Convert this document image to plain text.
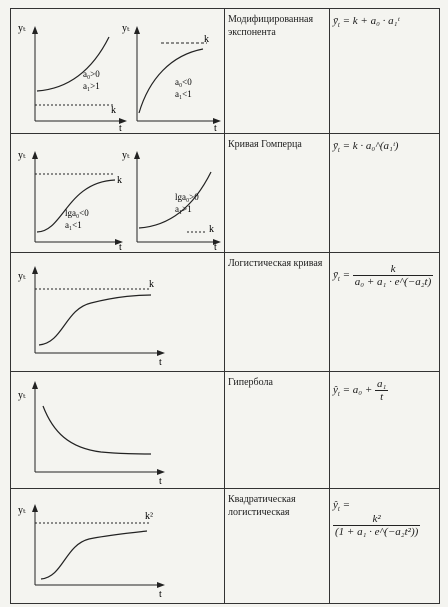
yₜ
k
t
a₀>0
a₁>1
yₜ
k
t
a₀<0
a₁<1
Модифицированная экспонента
$ȳ_t = k + a_0$ · a₁ᵗ
yₜ
k
t
lga₀<0
a₁<1
yₜ
k
t
lga₀>0
a₁>1
Кривая Гомперца	$ȳ_t = k$ · a₀^(a₁ᵗ)
yₜ
k
t
Логистическая кривая
$ȳ_t = \frac{k}{\text{a₀ + a₁ · e\textasciicircum{}(−a₂t)}}$
yₜ
t
Гипербола
$ŷ_t = a_0 + \frac{\text{a₁}}{t}$
yₜ
k²
t
Квадратическая логистическая
$ŷ_t$ =
$\frac{\text{k²}}{\text{(1 + a₁ · e\textasciicircum{}(−a₂t²))}}$
